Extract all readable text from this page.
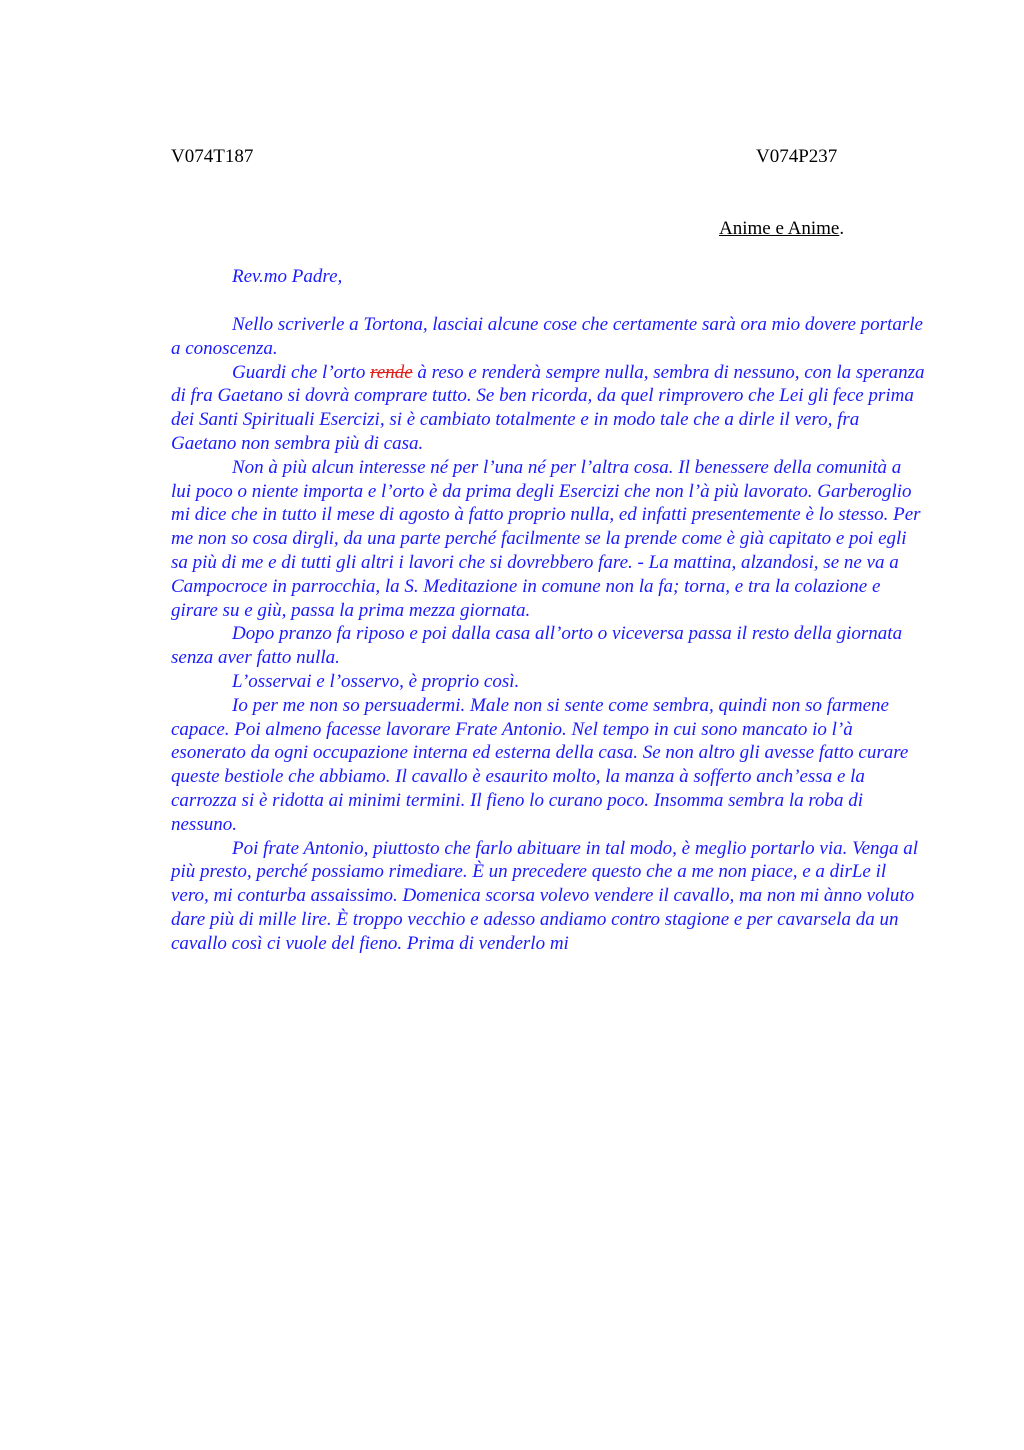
V074T187	V074P237
Anime e Anime.
Rev.mo Padre,

Nello scriverle a Tortona, lasciai alcune cose che certamente sarà ora mio dovere portarle a conoscenza.

Guardi che l’orto rende à reso e renderà sempre nulla, sembra di nessuno, con la speranza di fra Gaetano si dovrà comprare tutto. Se ben ricorda, da quel rimprovero che Lei gli fece prima dei Santi Spirituali Esercizi, si è cambiato totalmente e in modo tale che a dirle il vero, fra Gaetano non sembra più di casa.

Non à più alcun interesse né per l’una né per l’altra cosa. Il benessere della comunità a lui poco o niente importa e l’orto è da prima degli Esercizi che non l’à più lavorato. Garberoglio mi dice che in tutto il mese di agosto à fatto proprio nulla, ed infatti presentemente è lo stesso. Per me non so cosa dirgli, da una parte perché facilmente se la prende come è già capitato e poi egli sa più di me e di tutti gli altri i lavori che si dovrebbero fare. - La mattina, alzandosi, se ne va a Campocroce in parrocchia, la S. Meditazione in comune non la fa; torna, e tra la colazione e girare su e giù, passa la prima mezza giornata.

Dopo pranzo fa riposo e poi dalla casa all’orto o viceversa passa il resto della giornata senza aver fatto nulla.

L’osservai e l’osservo, è proprio così.

Io per me non so persuadermi. Male non si sente come sembra, quindi non so farmene capace. Poi almeno facesse lavorare Frate Antonio. Nel tempo in cui sono mancato io l’à esonerato da ogni occupazione interna ed esterna della casa. Se non altro gli avesse fatto curare queste bestiole che abbiamo. Il cavallo è esaurito molto, la manza à sofferto anch’essa e la carrozza si è ridotta ai minimi termini. Il fieno lo curano poco. Insomma sembra la roba di nessuno.

Poi frate Antonio, piuttosto che farlo abituare in tal modo, è meglio portarlo via. Venga al più presto, perché possiamo rimediare. È un precedere questo che a me non piace, e a dirLe il vero, mi conturba assaissimo. Domenica scorsa volevo vendere il cavallo, ma non mi ànno voluto dare più di mille lire. È troppo vecchio e adesso andiamo contro stagione e per cavarsela da un cavallo così ci vuole del fieno. Prima di venderlo mi
